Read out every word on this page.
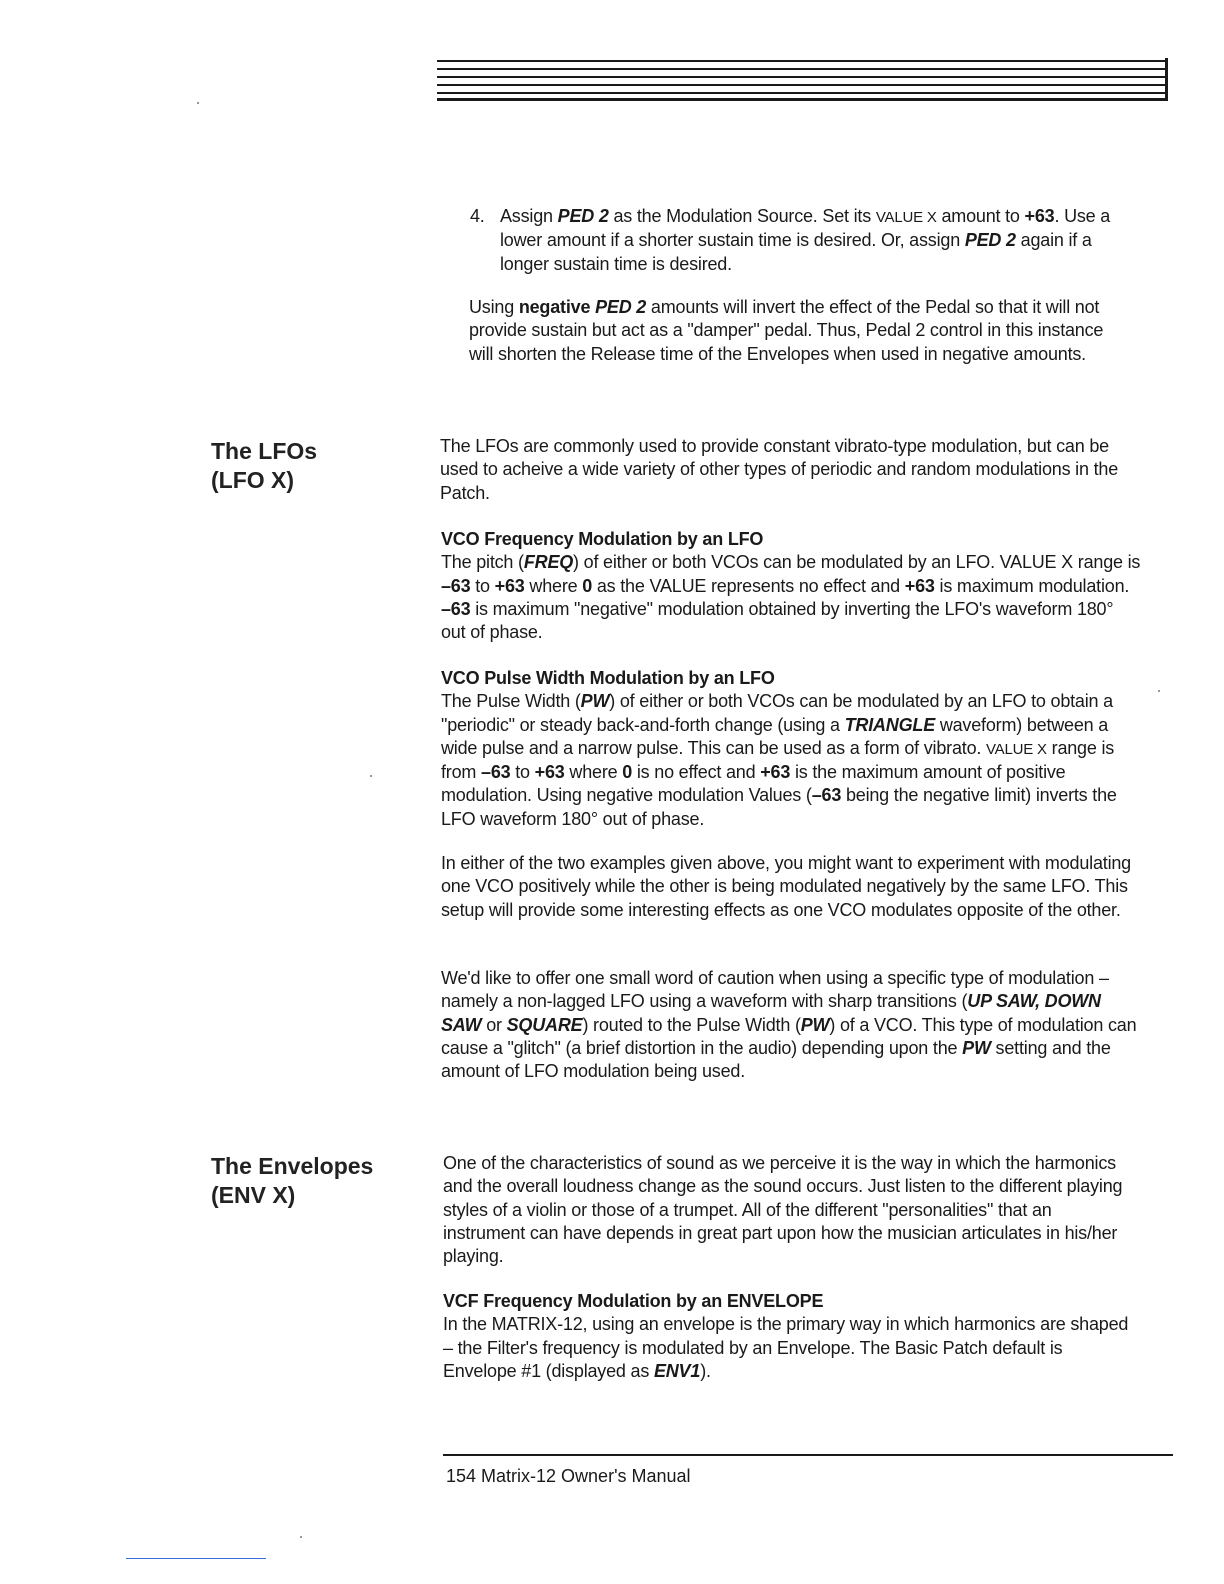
4. Assign PED 2 as the Modulation Source. Set its VALUE X amount to +63. Use a lower amount if a shorter sustain time is desired. Or, assign PED 2 again if a longer sustain time is desired.

Using negative PED 2 amounts will invert the effect of the Pedal so that it will not provide sustain but act as a "damper" pedal. Thus, Pedal 2 control in this instance will shorten the Release time of the Envelopes when used in negative amounts.

The LFOs
(LFO X)

The LFOs are commonly used to provide constant vibrato-type modulation, but can be used to acheive a wide variety of other types of periodic and random modulations in the Patch.

VCO Frequency Modulation by an LFO

The pitch (FREQ) of either or both VCOs can be modulated by an LFO. VALUE X range is –63 to +63 where 0 as the VALUE represents no effect and +63 is maximum modulation. –63 is maximum "negative" modulation obtained by inverting the LFO's waveform 180° out of phase.

VCO Pulse Width Modulation by an LFO

The Pulse Width (PW) of either or both VCOs can be modulated by an LFO to obtain a "periodic" or steady back-and-forth change (using a TRIANGLE waveform) between a wide pulse and a narrow pulse. This can be used as a form of vibrato. VALUE X range is from –63 to +63 where 0 is no effect and +63 is the maximum amount of positive modulation. Using negative modulation Values (–63 being the negative limit) inverts the LFO waveform 180° out of phase.

In either of the two examples given above, you might want to experiment with modulating one VCO positively while the other is being modulated negatively by the same LFO. This setup will provide some interesting effects as one VCO modulates opposite of the other.

We'd like to offer one small word of caution when using a specific type of modulation – namely a non-lagged LFO using a waveform with sharp transitions (UP SAW, DOWN SAW or SQUARE) routed to the Pulse Width (PW) of a VCO. This type of modulation can cause a "glitch" (a brief distortion in the audio) depending upon the PW setting and the amount of LFO modulation being used.

The Envelopes
(ENV X)

One of the characteristics of sound as we perceive it is the way in which the harmonics and the overall loudness change as the sound occurs. Just listen to the different playing styles of a violin or those of a trumpet. All of the different "personalities" that an instrument can have depends in great part upon how the musician articulates in his/her playing.

VCF Frequency Modulation by an ENVELOPE

In the MATRIX-12, using an envelope is the primary way in which harmonics are shaped – the Filter's frequency is modulated by an Envelope. The Basic Patch default is Envelope #1 (displayed as ENV1).

154 Matrix-12 Owner's Manual
